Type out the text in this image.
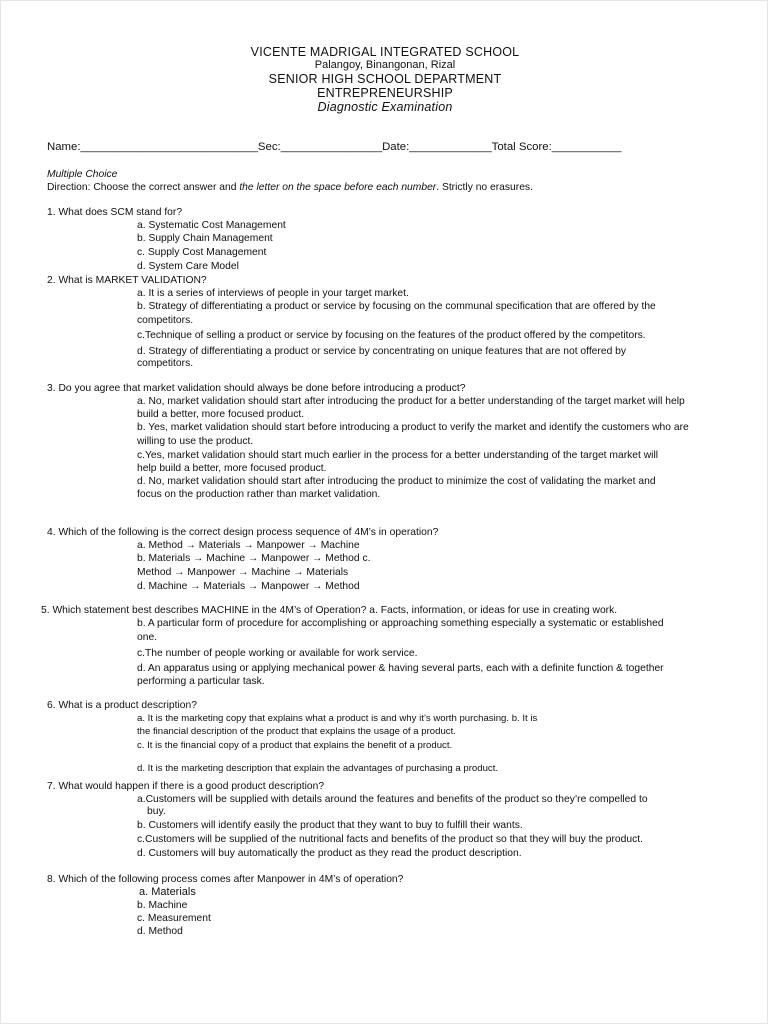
VICENTE MADRIGAL INTEGRATED SCHOOL
Palangoy, Binangonan, Rizal
SENIOR HIGH SCHOOL DEPARTMENT
ENTREPRENEURSHIP
Diagnostic Examination
Name:____________________________Sec:________________Date:_____________Total Score:___________
Multiple Choice
Direction: Choose the correct answer and the letter on the space before each number. Strictly no erasures.
1. What does SCM stand for?
a. Systematic Cost Management
b. Supply Chain Management
c. Supply Cost Management
d. System Care Model
2. What is MARKET VALIDATION?
a. It is a series of interviews of people in your target market.
b. Strategy of differentiating a product or service by focusing on the communal specification that are offered by the
competitors.
c.Technique of selling a product or service by focusing on the features of the product offered by the competitors.
d. Strategy of differentiating a product or service by concentrating on unique features that are not offered by
competitors.
3. Do you agree that market validation should always be done before introducing a product?
a. No, market validation should start after introducing the product for a better understanding of the target market will help
build a better, more focused product.
b. Yes, market validation should start before introducing a product to verify the market and identify the customers who are
willing to use the product.
c.Yes, market validation should start much earlier in the process for a better understanding of the target market will
help build a better, more focused product.
d. No, market validation should start after introducing the product to minimize the cost of validating the market and
focus on the production rather than market validation.
4. Which of the following is the correct design process sequence of 4M’s in operation?
a. Method → Materials → Manpower → Machine
b. Materials → Machine → Manpower → Method c.
Method → Manpower → Machine → Materials
d. Machine → Materials → Manpower → Method
5. Which statement best describes MACHINE in the 4M’s of Operation? a. Facts, information, or ideas for use in creating work.
b. A particular form of procedure for accomplishing or approaching something especially a systematic or established
one.
c.The number of people working or available for work service.
d. An apparatus using or applying mechanical power & having several parts, each with a definite function & together
performing a particular task.
6. What is a product description?
a. It is the marketing copy that explains what a product is and why it’s worth purchasing. b. It is
the financial description of the product that explains the usage of a product.
c. It is the financial copy of a product that explains the benefit of a product.
d. It is the marketing description that explain the advantages of purchasing a product.
7. What would happen if there is a good product description?
a.Customers will be supplied with details around the features and benefits of the product so they’re compelled to
buy.
b. Customers will identify easily the product that they want to buy to fulfill their wants.
c.Customers will be supplied of the nutritional facts and benefits of the product so that they will buy the product.
d. Customers will buy automatically the product as they read the product description.
8. Which of the following process comes after Manpower in 4M’s of operation?
a. Materials
b. Machine
c. Measurement
d. Method
